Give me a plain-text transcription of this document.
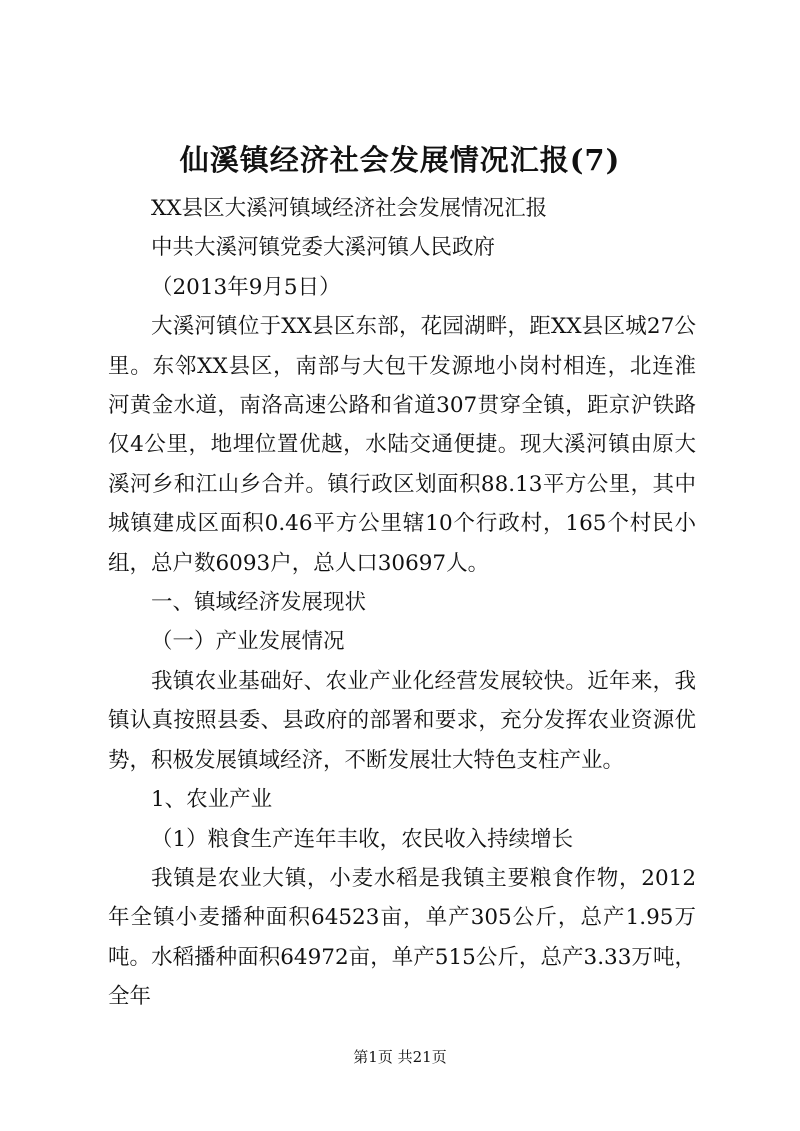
仙溪镇经济社会发展情况汇报(7)

XX县区大溪河镇域经济社会发展情况汇报

中共大溪河镇党委大溪河镇人民政府

（2013年9月5日）

大溪河镇位于XX县区东部，花园湖畔，距XX县区城27公里。东邻XX县区，南部与大包干发源地小岗村相连，北连淮河黄金水道，南洛高速公路和省道307贯穿全镇，距京沪铁路仅4公里，地埋位置优越，水陆交通便捷。现大溪河镇由原大溪河乡和江山乡合并。镇行政区划面积88.13平方公里，其中城镇建成区面积0.46平方公里辖10个行政村，165个村民小组，总户数6093户，总人口30697人。

一、镇域经济发展现状

（一）产业发展情况

我镇农业基础好、农业产业化经营发展较快。近年来，我镇认真按照县委、县政府的部署和要求，充分发挥农业资源优势，积极发展镇域经济，不断发展壮大特色支柱产业。

1、农业产业

（1）粮食生产连年丰收，农民收入持续增长

我镇是农业大镇，小麦水稻是我镇主要粮食作物，2012年全镇小麦播种面积64523亩，单产305公斤，总产1.95万吨。水稻播种面积64972亩，单产515公斤，总产3.33万吨，全年

第1页 共21页
